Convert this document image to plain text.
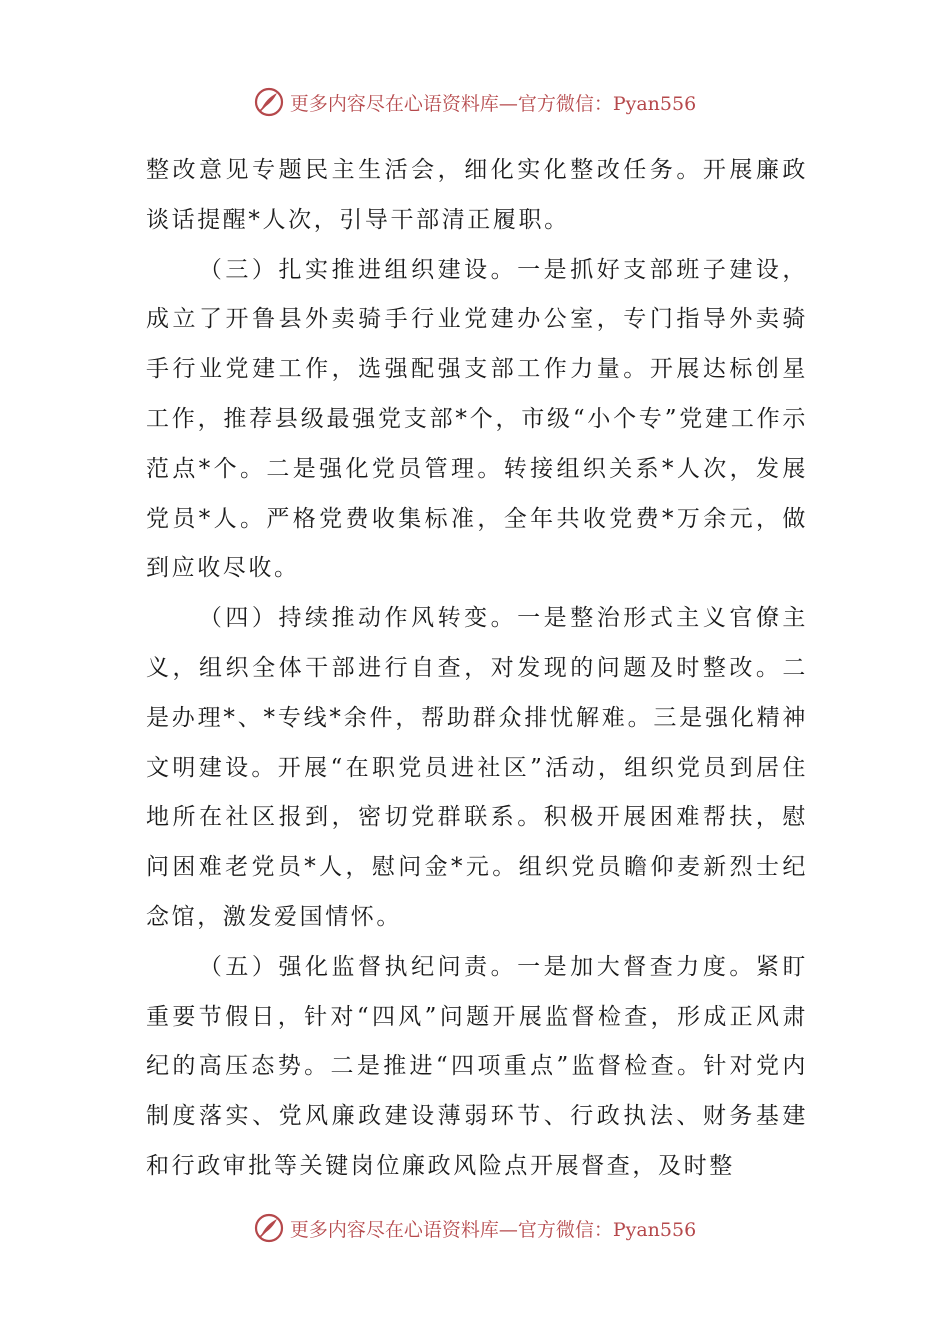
更多内容尽在心语资料库—官方微信：Pyan556

整改意见专题民主生活会，细化实化整改任务。开展廉政谈话提醒*人次，引导干部清正履职。

（三）扎实推进组织建设。一是抓好支部班子建设，成立了开鲁县外卖骑手行业党建办公室，专门指导外卖骑手行业党建工作，选强配强支部工作力量。开展达标创星工作，推荐县级最强党支部*个，市级“小个专”党建工作示范点*个。二是强化党员管理。转接组织关系*人次，发展党员*人。严格党费收集标准，全年共收党费*万余元，做到应收尽收。

（四）持续推动作风转变。一是整治形式主义官僚主义，组织全体干部进行自查，对发现的问题及时整改。二是办理*、*专线*余件，帮助群众排忧解难。三是强化精神文明建设。开展“在职党员进社区”活动，组织党员到居住地所在社区报到，密切党群联系。积极开展困难帮扶，慰问困难老党员*人，慰问金*元。组织党员瞻仰麦新烈士纪念馆，激发爱国情怀。

（五）强化监督执纪问责。一是加大督查力度。紧盯重要节假日，针对“四风”问题开展监督检查，形成正风肃纪的高压态势。二是推进“四项重点”监督检查。针对党内制度落实、党风廉政建设薄弱环节、行政执法、财务基建和行政审批等关键岗位廉政风险点开展督查，及时整

更多内容尽在心语资料库—官方微信：Pyan556
